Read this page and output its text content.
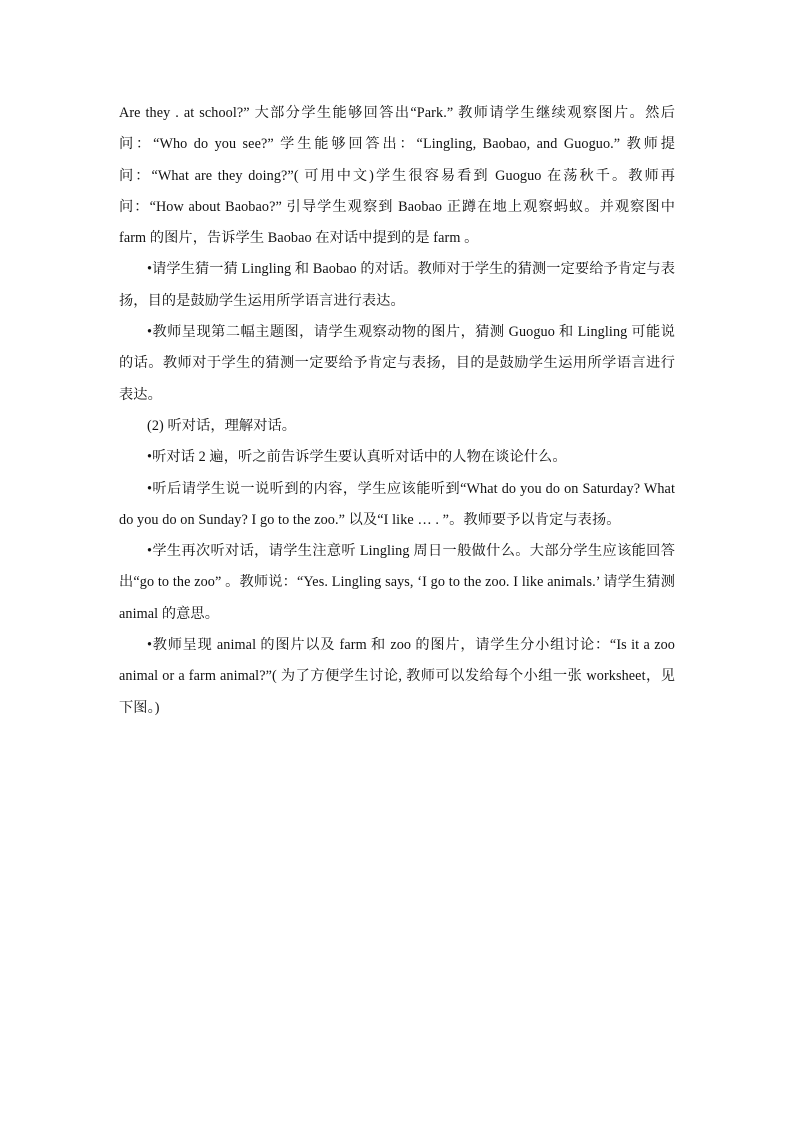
Are they . at school?” 大部分学生能够回答出“Park.” 教师请学生继续观察图片。然后问：“Who do you see?” 学生能够回答出：“Lingling, Baobao, and Guoguo.” 教师提问：“What are they doing?”( 可用中文)学生很容易看到 Guoguo 在荡秋千。教师再问：“How about Baobao?” 引导学生观察到 Baobao 正蹲在地上观察蚂蚁。并观察图中 farm 的图片，告诉学生 Baobao 在对话中提到的是 farm 。

•请学生猜一猜 Lingling 和 Baobao 的对话。教师对于学生的猜测一定要给予肯定与表扬，目的是鼓励学生运用所学语言进行表达。

•教师呈现第二幅主题图，请学生观察动物的图片，猜测 Guoguo 和 Lingling 可能说的话。教师对于学生的猜测一定要给予肯定与表扬，目的是鼓励学生运用所学语言进行表达。

(2) 听对话，理解对话。

•听对话 2 遍，听之前告诉学生要认真听对话中的人物在谈论什么。

•听后请学生说一说听到的内容，学生应该能听到“What do you do on Saturday? What do you do on Sunday? I go to the zoo.” 以及“I like … . ”。教师要予以肯定与表扬。

•学生再次听对话，请学生注意听 Lingling 周日一般做什么。大部分学生应该能回答出“go to the zoo” 。教师说：“Yes. Lingling says, ‘I go to the zoo. I like animals.’ 请学生猜测 animal 的意思。

•教师呈现 animal 的图片以及 farm 和 zoo 的图片，请学生分小组讨论：“Is it a zoo animal or a farm animal?”( 为了方便学生讨论, 教师可以发给每个小组一张 worksheet，见下图。)
